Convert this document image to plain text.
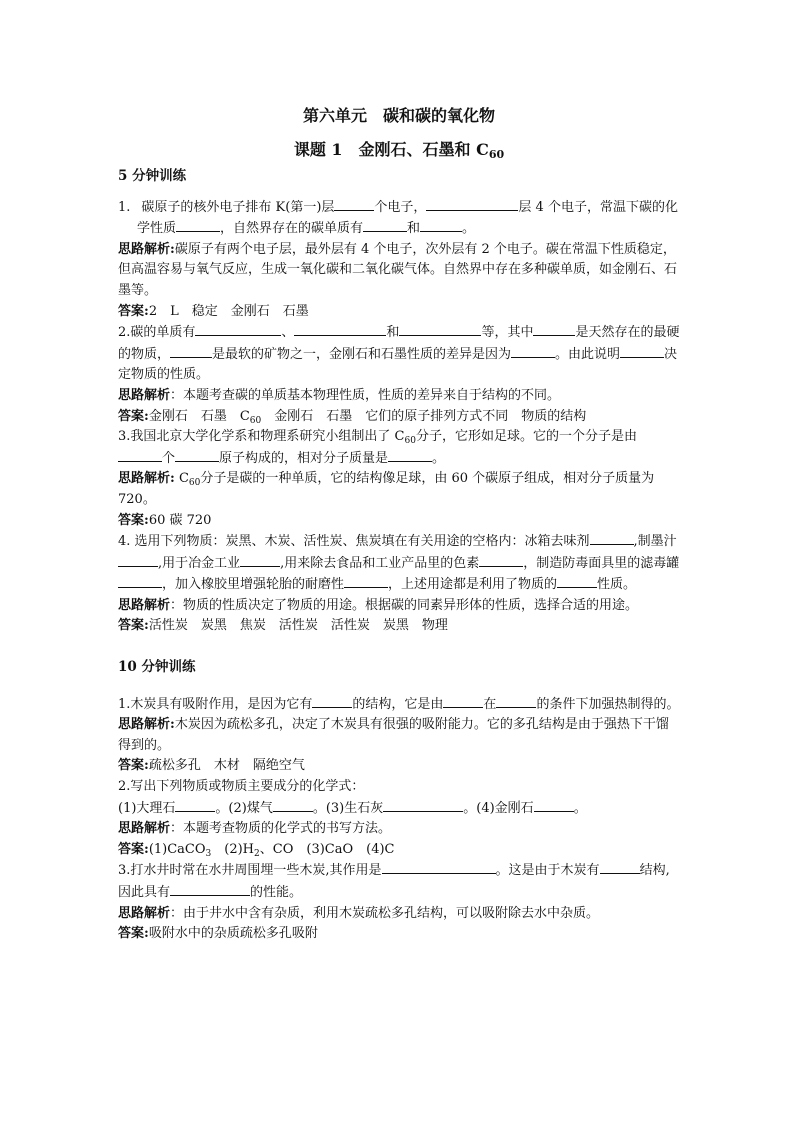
第六单元　碳和碳的氧化物
课题 1　金刚石、石墨和 $C_{60}$
5 分钟训练

1. 碳原子的核外电子排布 K(第一)层	个电子，	层 4 个电子，常温下碳的化学性质	，自然界存在的碳单质有	和	。

思路解析:碳原子有两个电子层，最外层有 4 个电子，次外层有 2 个电子。碳在常温下性质稳定，但高温容易与氧气反应，生成一氧化碳和二氧化碳气体。自然界中存在多种碳单质，如金刚石、石墨等。

答案:2　L　稳定　金刚石　石墨

2.碳的单质有	、	和	等，其中	是天然存在的最硬的物质，	是最软的矿物之一，金刚石和石墨性质的差异是因为	。由此说明	决定物质的性质。

思路解析：本题考查碳的单质基本物理性质，性质的差异来自于结构的不同。

答案:金刚石　石墨　$C_{60}$　金刚石　石墨　它们的原子排列方式不同　物质的结构

3.我国北京大学化学系和物理系研究小组制出了 $C_{60}$分子，它形如足球。它的一个分子是由个	原子构成的，相对分子质量是	。

思路解析: $C_{60}$分子是碳的一种单质，它的结构像足球，由 60 个碳原子组成，相对分子质量为 720。

答案:60 碳 720

4. 选用下列物质：炭黑、木炭、活性炭、焦炭填在有关用途的空格内：冰箱去味剂	,制墨汁,用于冶金工业	,用来除去食品和工业产品里的色素	，制造防毒面具里的滤毒罐，加入橡胶里增强轮胎的耐磨性	，上述用途都是利用了物质的	性质。

思路解析：物质的性质决定了物质的用途。根据碳的同素异形体的性质，选择合适的用途。

答案:活性炭　炭黑　焦炭　活性炭　活性炭　炭黑　物理

10 分钟训练

1.木炭具有吸附作用，是因为它有	的结构，它是由	在	的条件下加强热制得的。

思路解析:木炭因为疏松多孔，决定了木炭具有很强的吸附能力。它的多孔结构是由于强热下干馏得到的。

答案:疏松多孔　木材　隔绝空气

2.写出下列物质或物质主要成分的化学式：

(1)大理石	。(2)煤气	。(3)生石灰	。(4)金刚石	。

思路解析：本题考查物质的化学式的书写方法。

答案:(1)CaCO$_3$　$(2)H_2$、CO　(3)CaO　(4)C

3.打水井时常在水井周围埋一些木炭,其作用是	。这是由于木炭有	结构,因此具有	的性能。

思路解析：由于井水中含有杂质，利用木炭疏松多孔结构，可以吸附除去水中杂质。

答案:吸附水中的杂质疏松多孔吸附
